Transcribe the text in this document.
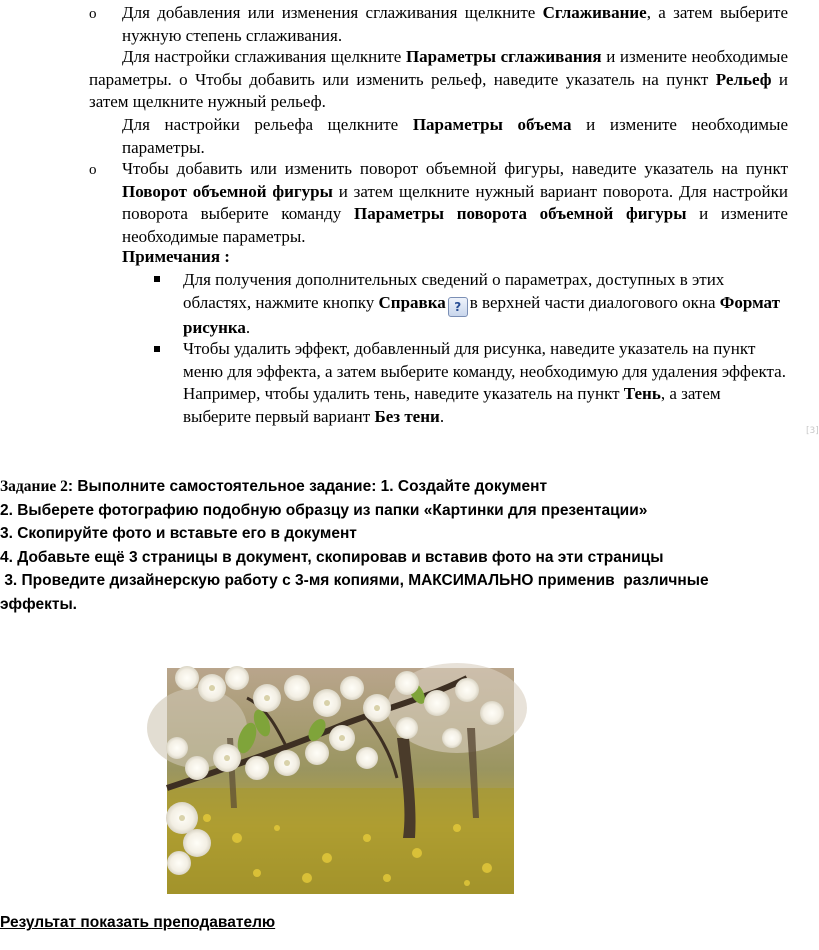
o Для добавления или изменения сглаживания щелкните Сглаживание, а затем выберите нужную степень сглаживания.
Для настройки сглаживания щелкните Параметры сглаживания и измените необходимые параметры. o Чтобы добавить или изменить рельеф, наведите указатель на пункт Рельеф и затем щелкните нужный рельеф.
Для настройки рельефа щелкните Параметры объема и измените необходимые параметры.
o Чтобы добавить или изменить поворот объемной фигуры, наведите указатель на пункт Поворот объемной фигуры и затем щелкните нужный вариант поворота. Для настройки поворота выберите команду Параметры поворота объемной фигуры и измените необходимые параметры.
Примечания :
Для получения дополнительных сведений о параметрах, доступных в этих областях, нажмите кнопку Справка ? в верхней части диалогового окна Формат рисунка.
Чтобы удалить эффект, добавленный для рисунка, наведите указатель на пункт меню для эффекта, а затем выберите команду, необходимую для удаления эффекта. Например, чтобы удалить тень, наведите указатель на пункт Тень, а затем выберите первый вариант Без тени.
[3]
Задание 2: Выполните самостоятельное задание: 1. Создайте документ
2. Выберете фотографию подобную образцу из папки «Картинки для презентации»
3. Скопируйте фото и вставьте его в документ
4. Добавьте ещё 3 страницы в документ, скопировав и вставив фото на эти страницы
3. Проведите дизайнерскую работу с 3-мя копиями, МАКСИМАЛЬНО применив  различные эффекты.
Результат показать преподавателю
